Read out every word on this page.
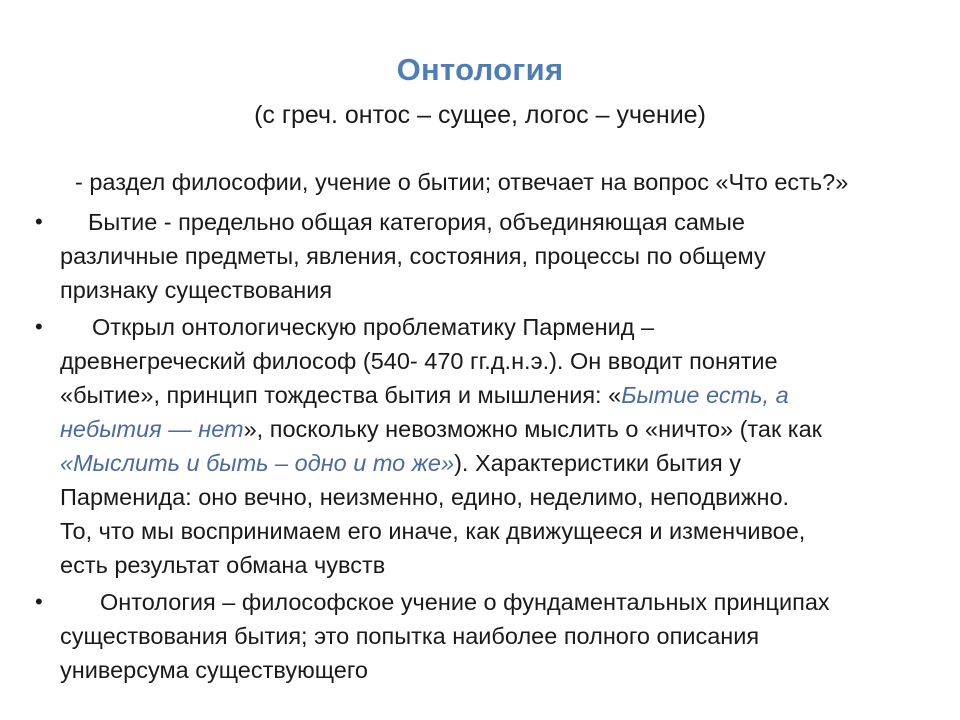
Онтология

(с греч. онтос – сущее, логос – учение)

- раздел философии, учение о бытии; отвечает на вопрос «Что есть?»

•	Бытие - предельно общая категория, объединяющая самые
различные предметы, явления, состояния, процессы по общему
признаку существования
•	Открыл онтологическую проблематику Парменид –
древнегреческий философ (540- 470 гг.д.н.э.). Он вводит понятие
«бытие», принцип тождества бытия и мышления: «Бытие есть, а
небытия — нет», поскольку невозможно мыслить о «ничто» (так как
«Мыслить и быть – одно и то же»). Характеристики бытия у
Парменида: оно вечно, неизменно, едино, неделимо, неподвижно.
То, что мы воспринимаем его иначе, как движущееся и изменчивое,
есть результат обмана чувств
•	Онтология – философское учение о фундаментальных принципах
существования бытия; это попытка наиболее полного описания
универсума существующего
